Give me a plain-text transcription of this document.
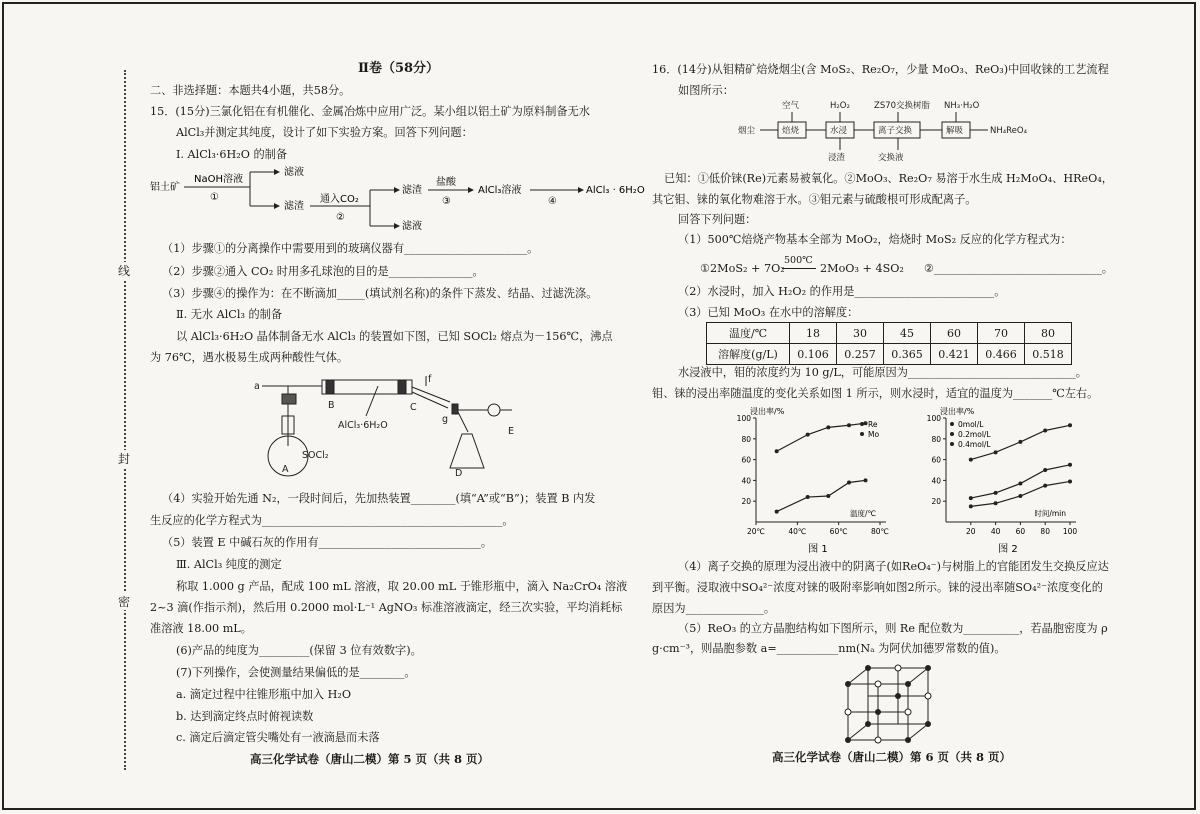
线
封
密
Ⅱ卷（58分）
二、非选择题：本题共4小题，共58分。
15．(15分)三氯化铝在有机催化、金属冶炼中应用广泛。某小组以铝土矿为原料制备无水
AlCl₃并测定其纯度，设计了如下实验方案。回答下列问题：
Ⅰ. AlCl₃·6H₂O 的制备
铝土矿
NaOH溶液
①
滤液
滤渣
通入CO₂
②
滤渣
滤液
盐酸
③
AlCl₃溶液
④
AlCl₃ · 6H₂O
（1）步骤①的分离操作中需要用到的玻璃仪器有______________________。
（2）步骤②通入 CO₂ 时用多孔球泡的目的是_______________。
（3）步骤④的操作为：在不断滴加_____(填试剂名称)的条件下蒸发、结晶、过滤洗涤。
Ⅱ. 无水 AlCl₃ 的制备
以 AlCl₃·6H₂O 晶体制备无水 AlCl₃ 的装置如下图，已知 SOCl₂ 熔点为－156℃，沸点
为 76℃，遇水极易生成两种酸性气体。
a
B	C
D
E
f
g
A
AlCl₃·6H₂O
SOCl₂
（4）实验开始先通 N₂，一段时间后，先加热装置________(填“A”或“B”)；装置 B 内发
生反应的化学方程式为___________________________________________。
（5）装置 E 中碱石灰的作用有_____________________________。
Ⅲ. AlCl₃ 纯度的测定
称取 1.000 g 产品，配成 100 mL 溶液，取 20.00 mL 于锥形瓶中，滴入 Na₂CrO₄ 溶液
2~3 滴(作指示剂)，然后用 0.2000 mol·L⁻¹ AgNO₃ 标准溶液滴定，经三次实验，平均消耗标
准溶液 18.00 mL。
(6)产品的纯度为_________(保留 3 位有效数字)。
(7)下列操作，会使测量结果偏低的是________。
a. 滴定过程中往锥形瓶中加入 H₂O
b. 达到滴定终点时俯视读数
c. 滴定后滴定管尖嘴处有一液滴悬而未落
高三化学试卷（唐山二模）第 5 页（共 8 页）
16．(14分)从钼精矿焙烧烟尘(含 MoS₂、Re₂O₇，少量 MoO₃、ReO₃)中回收铼的工艺流程
如图所示：
空气	H₂O₂	ZS70交换树脂 NH₃·H₂O
烟尘	焙烧	水浸	离子交换	解吸	NH₄ReO₄
浸渣	交换液
已知：①低价铼(Re)元素易被氧化。②MoO₃、Re₂O₇ 易溶于水生成 H₂MoO₄、HReO₄，
其它钼、铼的氧化物难溶于水。③钼元素与硫酸根可形成配离子。
回答下列问题：
（1）500℃焙烧产物基本全部为 MoO₂，焙烧时 MoS₂ 反应的化学方程式为：
①2MoS₂ + 7O₂
500℃
2MoO₃ + 4SO₂ ②______________________________。
（2）水浸时，加入 H₂O₂ 的作用是_________________________。
（3）已知 MoO₃ 在水中的溶解度：
温度/℃	18	30	45	60	70	80
溶解度(g/L)	0.106	0.257	0.365	0.421	0.466	0.518
水浸液中，钼的浓度约为 10 g/L，可能原因为______________________________。
钼、铼的浸出率随温度的变化关系如图 1 所示，则水浸时，适宜的温度为_______℃左右。
浸出率/%
20
40
60
80
100
20℃	40℃	60℃	80℃
温度/℃
Re
Mo
图 1
浸出率/%
20
40
60
80
100
20 40 60 80 100
时间/min
0mol/L
0.2mol/L
0.4mol/L
图 2
（4）离子交换的原理为浸出液中的阴离子(如ReO₄⁻)与树脂上的官能团发生交换反应达
到平衡。浸取液中SO₄²⁻浓度对铼的吸附率影响如图2所示。铼的浸出率随SO₄²⁻浓度变化的
原因为______________。
（5）ReO₃ 的立方晶胞结构如下图所示，则 Re 配位数为__________，若晶胞密度为 ρ
g·cm⁻³，则晶胞参数 a=___________nm(Nₐ 为阿伏加德罗常数的值)。
高三化学试卷（唐山二模）第 6 页（共 8 页）
